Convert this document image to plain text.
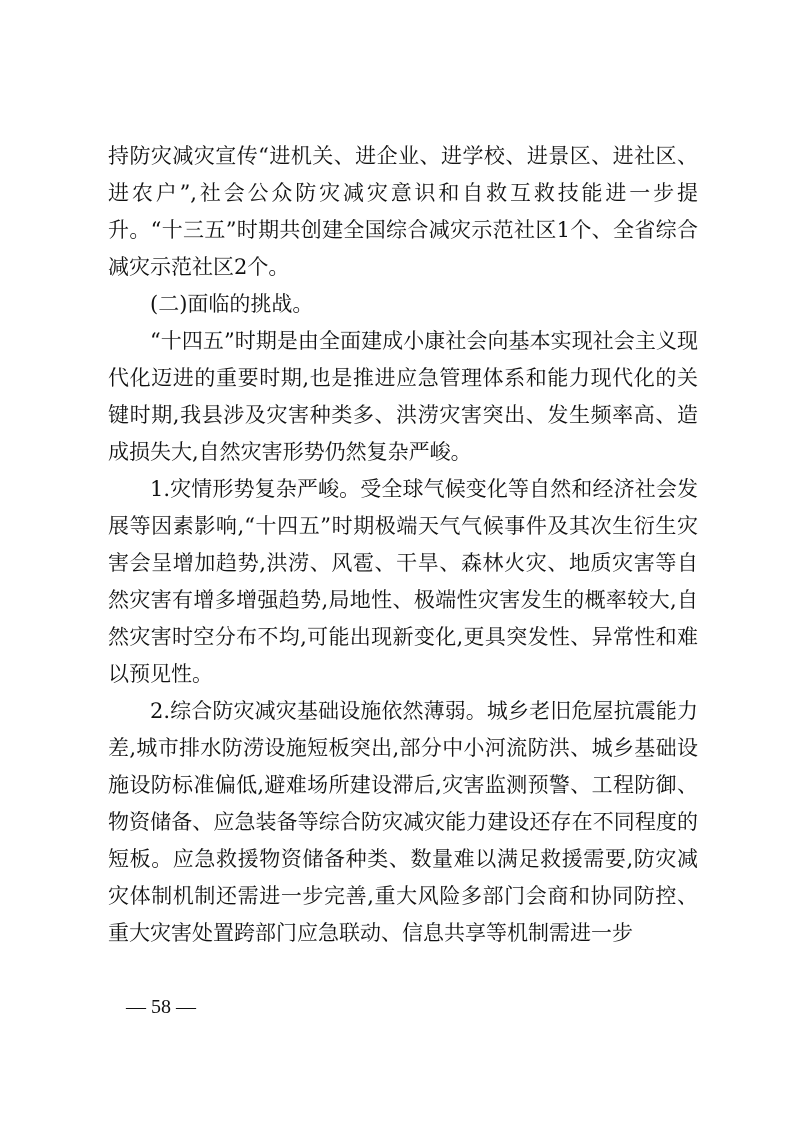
持防灾减灾宣传“进机关、进企业、进学校、进景区、进社区、进农户”,社会公众防灾减灾意识和自救互救技能进一步提升。“十三五”时期共创建全国综合减灾示范社区1个、全省综合减灾示范社区2个。

(二)面临的挑战。

“十四五”时期是由全面建成小康社会向基本实现社会主义现代化迈进的重要时期,也是推进应急管理体系和能力现代化的关键时期,我县涉及灾害种类多、洪涝灾害突出、发生频率高、造成损失大,自然灾害形势仍然复杂严峻。

1.灾情形势复杂严峻。受全球气候变化等自然和经济社会发展等因素影响,“十四五”时期极端天气气候事件及其次生衍生灾害会呈增加趋势,洪涝、风雹、干旱、森林火灾、地质灾害等自然灾害有增多增强趋势,局地性、极端性灾害发生的概率较大,自然灾害时空分布不均,可能出现新变化,更具突发性、异常性和难以预见性。

2.综合防灾减灾基础设施依然薄弱。城乡老旧危屋抗震能力差,城市排水防涝设施短板突出,部分中小河流防洪、城乡基础设施设防标准偏低,避难场所建设滞后,灾害监测预警、工程防御、物资储备、应急装备等综合防灾减灾能力建设还存在不同程度的短板。应急救援物资储备种类、数量难以满足救援需要,防灾减灾体制机制还需进一步完善,重大风险多部门会商和协同防控、重大灾害处置跨部门应急联动、信息共享等机制需进一步

— 58 —
